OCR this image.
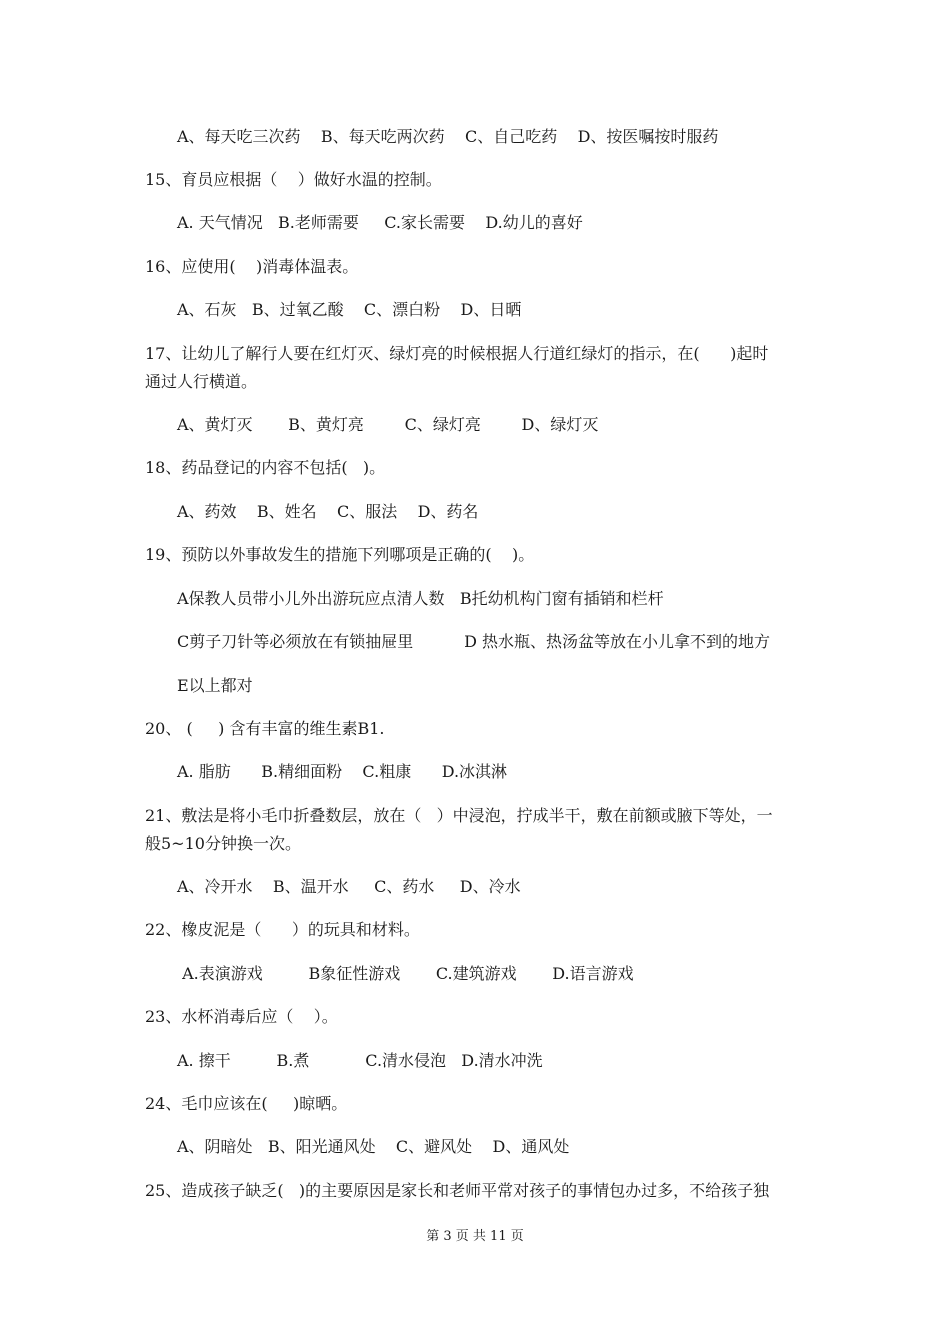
A、每天吃三次药    B、每天吃两次药    C、自己吃药    D、按医嘱按时服药
15、育员应根据（    ）做好水温的控制。
A. 天气情况   B.老师需要     C.家长需要    D.幼儿的喜好
16、应使用(    )消毒体温表。
A、石灰   B、过氧乙酸    C、漂白粉    D、日晒
17、让幼儿了解行人要在红灯灭、绿灯亮的时候根据人行道红绿灯的指示，在(      )起时
通过人行横道。
A、黄灯灭       B、黄灯亮        C、绿灯亮        D、绿灯灭
18、药品登记的内容不包括(   )。
A、药效    B、姓名    C、服法    D、药名
19、预防以外事故发生的措施下列哪项是正确的(    )。
A保教人员带小儿外出游玩应点清人数   B托幼机构门窗有插销和栏杆
C剪子刀针等必须放在有锁抽屉里          D 热水瓶、热汤盆等放在小儿拿不到的地方
E以上都对
20、 (     ) 含有丰富的维生素B1.
A. 脂肪      B.精细面粉    C.粗康      D.冰淇淋
21、敷法是将小毛巾折叠数层，放在（   ）中浸泡，拧成半干，敷在前额或腋下等处，一
般5~10分钟换一次。
A、冷开水    B、温开水     C、药水     D、冷水
22、橡皮泥是（      ）的玩具和材料。
A.表演游戏         B象征性游戏       C.建筑游戏       D.语言游戏
23、水杯消毒后应（    ）。
A. 擦干         B.煮           C.清水侵泡   D.清水冲洗
24、毛巾应该在(     )晾晒。
A、阴暗处   B、阳光通风处    C、避风处    D、通风处
25、造成孩子缺乏(   )的主要原因是家长和老师平常对孩子的事情包办过多，不给孩子独
第 3 页 共 11 页
